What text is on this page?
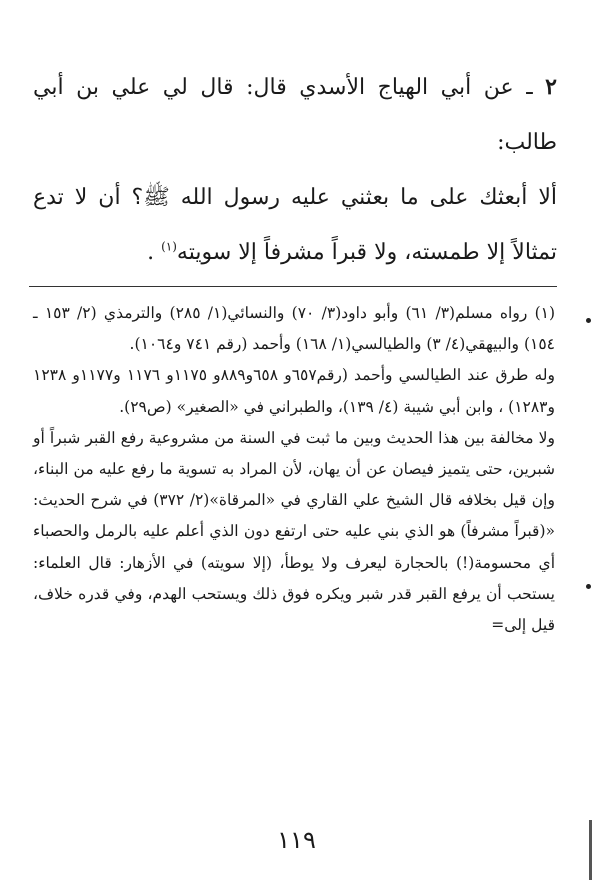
٢ ـ عن أبي الهياج الأسدي قال: قال لي علي بن أبي طالب:

ألا أبعثك على ما بعثني عليه رسول الله ﷺ؟ أن لا تدع تمثالاً إلا طمسته، ولا قبراً مشرفاً إلا سويته$^{(١)}$ .

(١) رواه مسلم(٣/ ٦١) وأبو داود(٣/ ٧٠) والنسائي(١/ ٢٨٥) والترمذي (٢/ ١٥٣ ـ ١٥٤) والبيهقي(٤/ ٣) والطيالسي(١/ ١٦٨) وأحمد (رقم ٧٤١ و١٠٦٤).

وله طرق عند الطيالسي وأحمد (رقم٦٥٧و ٦٥٨و٨٨٩و ١١٧٥و ١١٧٦ و١١٧٧و ١٢٣٨ و١٢٨٣) ، وابن أبي شيبة (٤/ ١٣٩)، والطبراني في «الصغير» (ص٢٩).

ولا مخالفة بين هذا الحديث وبين ما ثبت في السنة من مشروعية رفع القبر شبراً أو شبرين، حتى يتميز فيصان عن أن يهان، لأن المراد به تسوية ما رفع عليه من البناء، وإن قيل بخلافه قال الشيخ علي القاري في «المرقاة»(٢/ ٣٧٢) في شرح الحديث: «(قبراً مشرفاً) هو الذي بني عليه حتى ارتفع دون الذي أعلم عليه بالرمل والحصباء أي محسومة(!) بالحجارة ليعرف ولا يوطأ، (إلا سويته) في الأزهار: قال العلماء: يستحب أن يرفع القبر قدر شبر ويكره فوق ذلك ويستحب الهدم، وفي قدره خلاف، قيل إلى=

١١٩
